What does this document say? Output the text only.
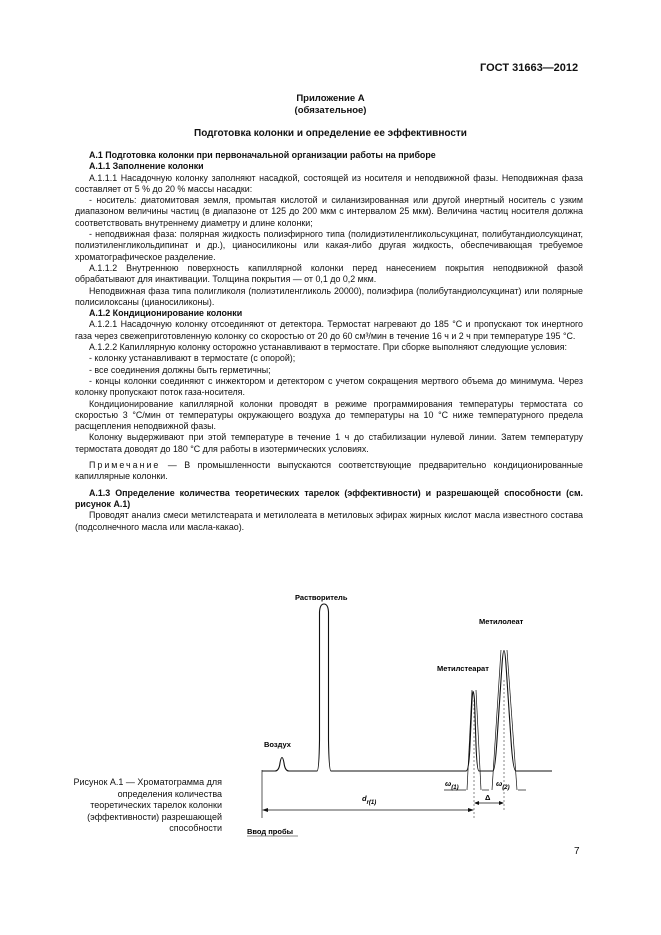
ГОСТ 31663—2012
Приложение А
(обязательное)
Подготовка колонки и определение ее эффективности

А.1 Подготовка колонки при первоначальной организации работы на приборе

А.1.1 Заполнение колонки

А.1.1.1 Насадочную колонку заполняют насадкой, состоящей из носителя и неподвижной фазы. Неподвижная фаза составляет от 5 % до 20 % массы насадки:

- носитель: диатомитовая земля, промытая кислотой и силанизированная или другой инертный носитель с узким диапазоном величины частиц (в диапазоне от 125 до 200 мкм с интервалом 25 мкм). Величина частиц носителя должна соответствовать внутреннему диаметру и длине колонки;

- неподвижная фаза: полярная жидкость полиэфирного типа (полидиэтиленгликольсукцинат, полибутандиолсукцинат, полиэтиленгликольдипинат и др.), цианосиликоны или какая-либо другая жидкость, обеспечивающая требуемое хроматографическое разделение.

А.1.1.2 Внутреннюю поверхность капиллярной колонки перед нанесением покрытия неподвижной фазой обрабатывают для инактивации. Толщина покрытия — от 0,1 до 0,2 мкм.

Неподвижная фаза типа полигликоля (полиэтиленгликоль 20000), полиэфира (полибутандиолсукцинат) или полярные полисилоксаны (цианосиликоны).

А.1.2 Кондиционирование колонки

А.1.2.1 Насадочную колонку отсоединяют от детектора. Термостат нагревают до 185 °С и пропускают ток инертного газа через свежеприготовленную колонку со скоростью от 20 до 60 см³/мин в течение 16 ч и 2 ч при температуре 195 °С.

А.1.2.2 Капиллярную колонку осторожно устанавливают в термостате. При сборке выполняют следующие условия:

- колонку устанавливают в термостате (с опорой);

- все соединения должны быть герметичны;

- концы колонки соединяют с инжектором и детектором с учетом сокращения мертвого объема до минимума. Через колонку пропускают поток газа-носителя.

Кондиционирование капиллярной колонки проводят в режиме программирования температуры термостата со скоростью 3 °С/мин от температуры окружающего воздуха до температуры на 10 °С ниже температурного предела расщепления неподвижной фазы.

Колонку выдерживают при этой температуре в течение 1 ч до стабилизации нулевой линии. Затем температуру термостата доводят до 180 °С для работы в изотермических условиях.

Примечание — В промышленности выпускаются соответствующие предварительно кондиционированные капиллярные колонки.

А.1.3 Определение количества теоретических тарелок (эффективности) и разрешающей способности (см. рисунок А.1)

Проводят анализ смеси метилстеарата и метилолеата в метиловых эфирах жирных кислот масла известного состава (подсолнечного масла или масла-какао).

Растворитель
Воздух
Метилстеарат
Метилолеат
Ввод пробы
$d_{r(1)}$
$\omega_{(1)}$	$\omega_{(2)}$
Δ
Рисунок А.1 — Хроматограмма для определения количества теоретических тарелок колонки (эффективности) разрешающей способности
7
